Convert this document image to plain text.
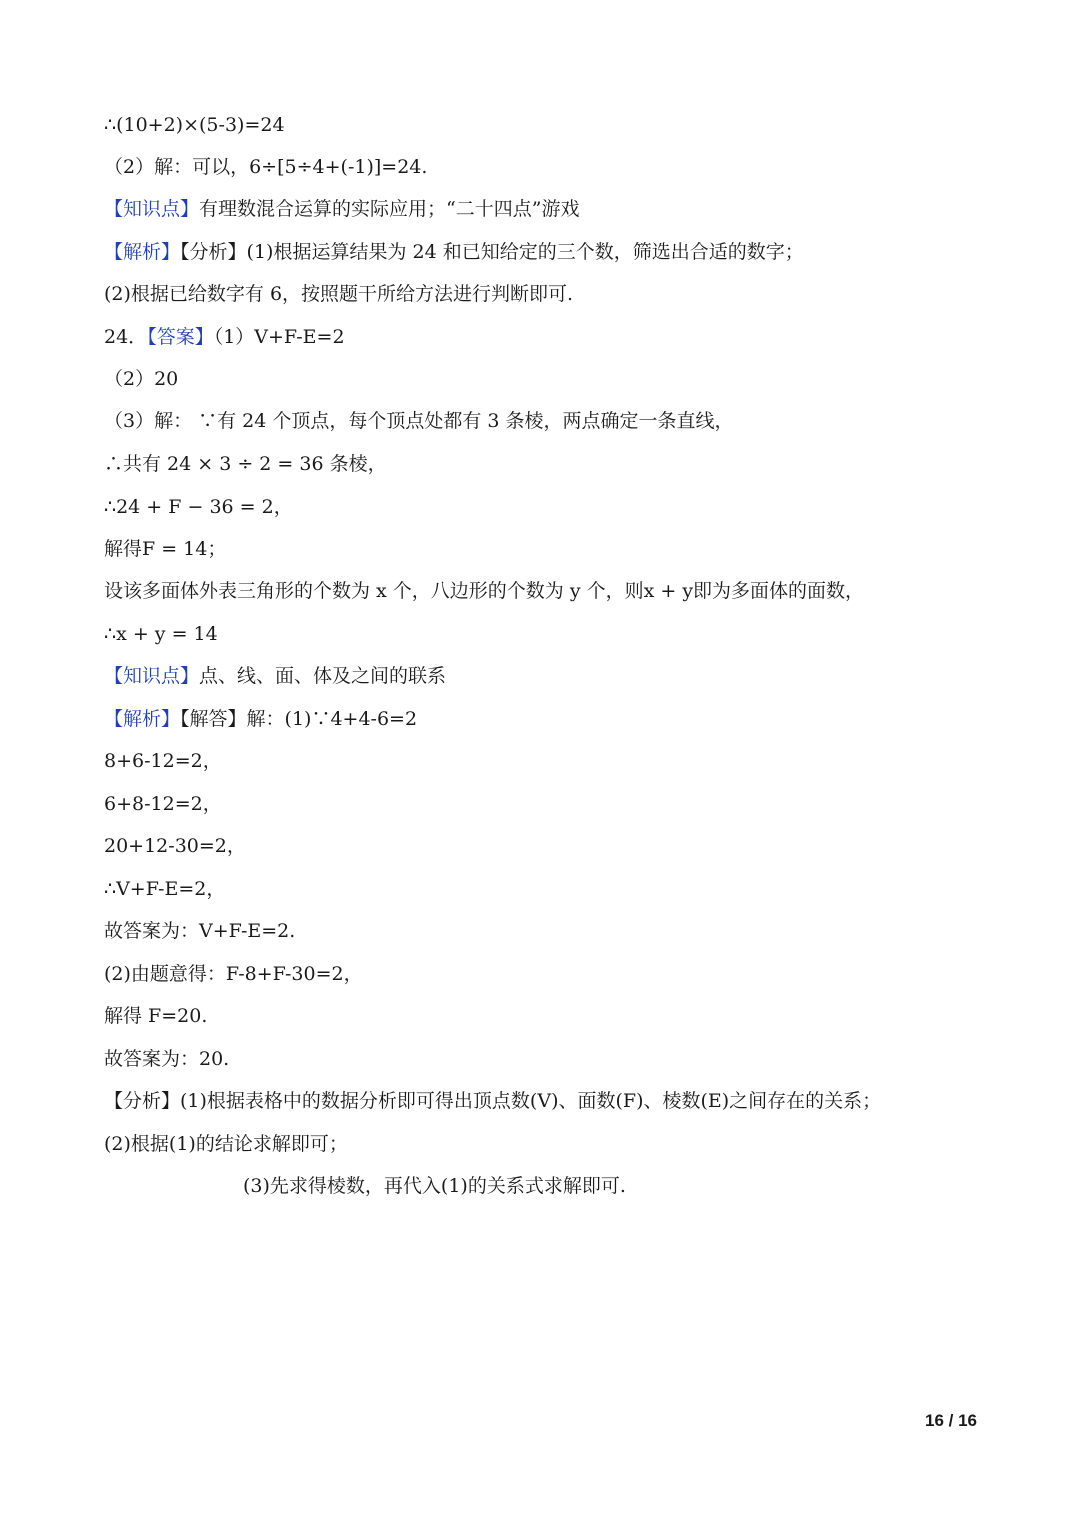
∴(10+2)×(5-3)=24
（2）解：可以，6÷[5÷4+(-1)]=24.
【知识点】有理数混合运算的实际应用；“二十四点”游戏
【解析】【分析】(1)根据运算结果为 24 和已知给定的三个数，筛选出合适的数字；
(2)根据已给数字有 6，按照题干所给方法进行判断即可.
24．【答案】（1）V+F-E=2
（2）20
（3）解： ∵有 24 个顶点，每个顶点处都有 3 条棱，两点确定一条直线，
∴共有 24 × 3 ÷ 2 = 36 条棱，
∴24 + F − 36 = 2，
解得F = 14；
设该多面体外表三角形的个数为 x 个，八边形的个数为 y 个，则x + y即为多面体的面数，
∴x + y = 14
【知识点】点、线、面、体及之间的联系
【解析】【解答】解：(1)∵4+4-6=2
8+6-12=2，
6+8-12=2，
20+12-30=2，
∴V+F-E=2，
故答案为：V+F-E=2.
(2)由题意得：F-8+F-30=2，
解得 F=20.
故答案为：20.
【分析】(1)根据表格中的数据分析即可得出顶点数(V)、面数(F)、棱数(E)之间存在的关系；
(2)根据(1)的结论求解即可；
(3)先求得棱数，再代入(1)的关系式求解即可.
16 / 16
